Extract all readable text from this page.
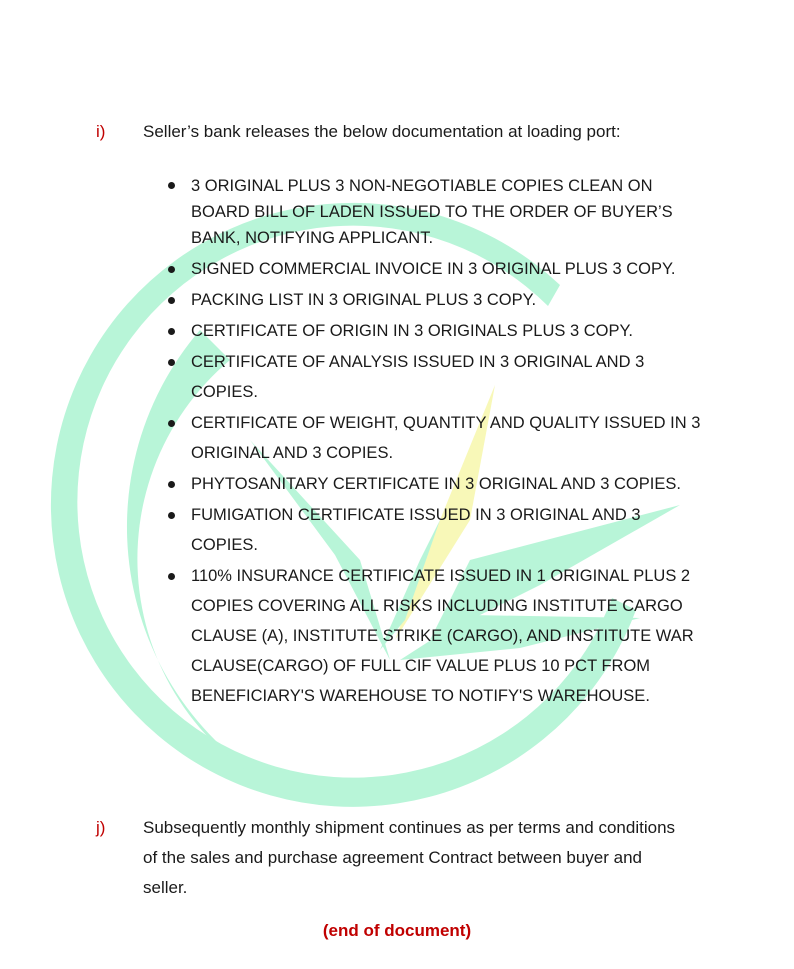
i) Seller’s bank releases the below documentation at loading port:

3 ORIGINAL PLUS 3 NON-NEGOTIABLE COPIES CLEAN ON BOARD BILL OF LADEN ISSUED TO THE ORDER OF BUYER’S BANK, NOTIFYING APPLICANT.
SIGNED COMMERCIAL INVOICE IN 3 ORIGINAL PLUS 3 COPY.
PACKING LIST IN 3 ORIGINAL PLUS 3 COPY.
CERTIFICATE OF ORIGIN IN 3 ORIGINALS PLUS 3 COPY.
CERTIFICATE OF ANALYSIS ISSUED IN 3 ORIGINAL AND 3 COPIES.
CERTIFICATE OF WEIGHT, QUANTITY AND QUALITY ISSUED IN 3 ORIGINAL AND 3 COPIES.
PHYTOSANITARY CERTIFICATE IN 3 ORIGINAL AND 3 COPIES.
FUMIGATION CERTIFICATE ISSUED IN 3 ORIGINAL AND 3 COPIES.
110% INSURANCE CERTIFICATE ISSUED IN 1 ORIGINAL PLUS 2 COPIES COVERING ALL RISKS INCLUDING INSTITUTE CARGO CLAUSE (A), INSTITUTE STRIKE (CARGO), AND INSTITUTE WAR CLAUSE(CARGO) OF FULL CIF VALUE PLUS 10 PCT FROM BENEFICIARY'S WAREHOUSE TO NOTIFY'S WAREHOUSE.
j) Subsequently monthly shipment continues as per terms and conditions of the sales and purchase agreement Contract between buyer and seller.

(end of document)
